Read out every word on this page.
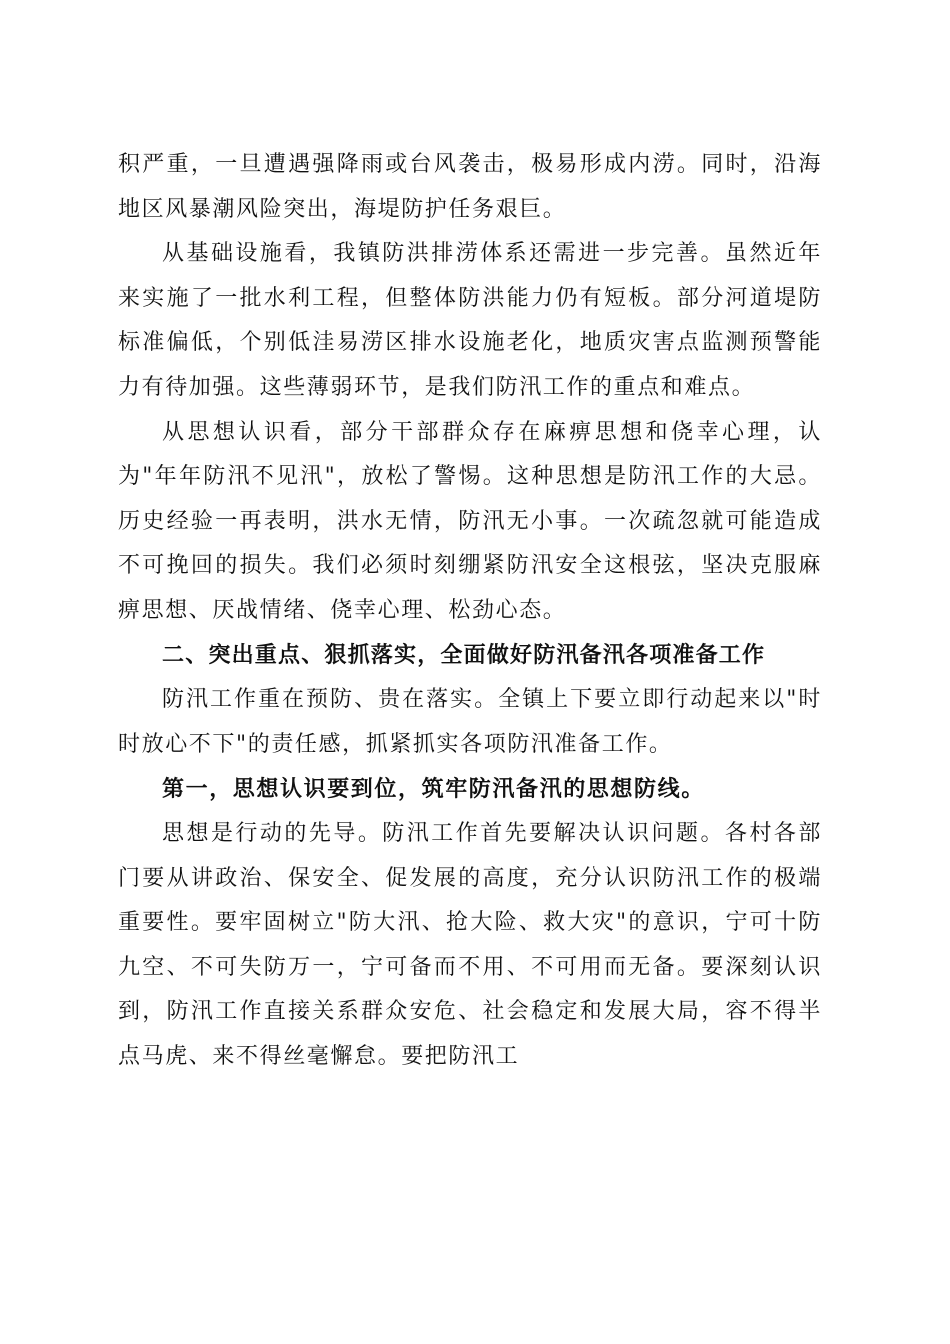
积严重，一旦遭遇强降雨或台风袭击，极易形成内涝。同时，沿海地区风暴潮风险突出，海堤防护任务艰巨。

从基础设施看，我镇防洪排涝体系还需进一步完善。虽然近年来实施了一批水利工程，但整体防洪能力仍有短板。部分河道堤防标准偏低，个别低洼易涝区排水设施老化，地质灾害点监测预警能力有待加强。这些薄弱环节，是我们防汛工作的重点和难点。

从思想认识看，部分干部群众存在麻痹思想和侥幸心理，认为"年年防汛不见汛"，放松了警惕。这种思想是防汛工作的大忌。历史经验一再表明，洪水无情，防汛无小事。一次疏忽就可能造成不可挽回的损失。我们必须时刻绷紧防汛安全这根弦，坚决克服麻痹思想、厌战情绪、侥幸心理、松劲心态。

二、突出重点、狠抓落实，全面做好防汛备汛各项准备工作

防汛工作重在预防、贵在落实。全镇上下要立即行动起来以"时时放心不下"的责任感，抓紧抓实各项防汛准备工作。

第一，思想认识要到位，筑牢防汛备汛的思想防线。

思想是行动的先导。防汛工作首先要解决认识问题。各村各部门要从讲政治、保安全、促发展的高度，充分认识防汛工作的极端重要性。要牢固树立"防大汛、抢大险、救大灾"的意识，宁可十防九空、不可失防万一，宁可备而不用、不可用而无备。要深刻认识到，防汛工作直接关系群众安危、社会稳定和发展大局，容不得半点马虎、来不得丝毫懈怠。要把防汛工
